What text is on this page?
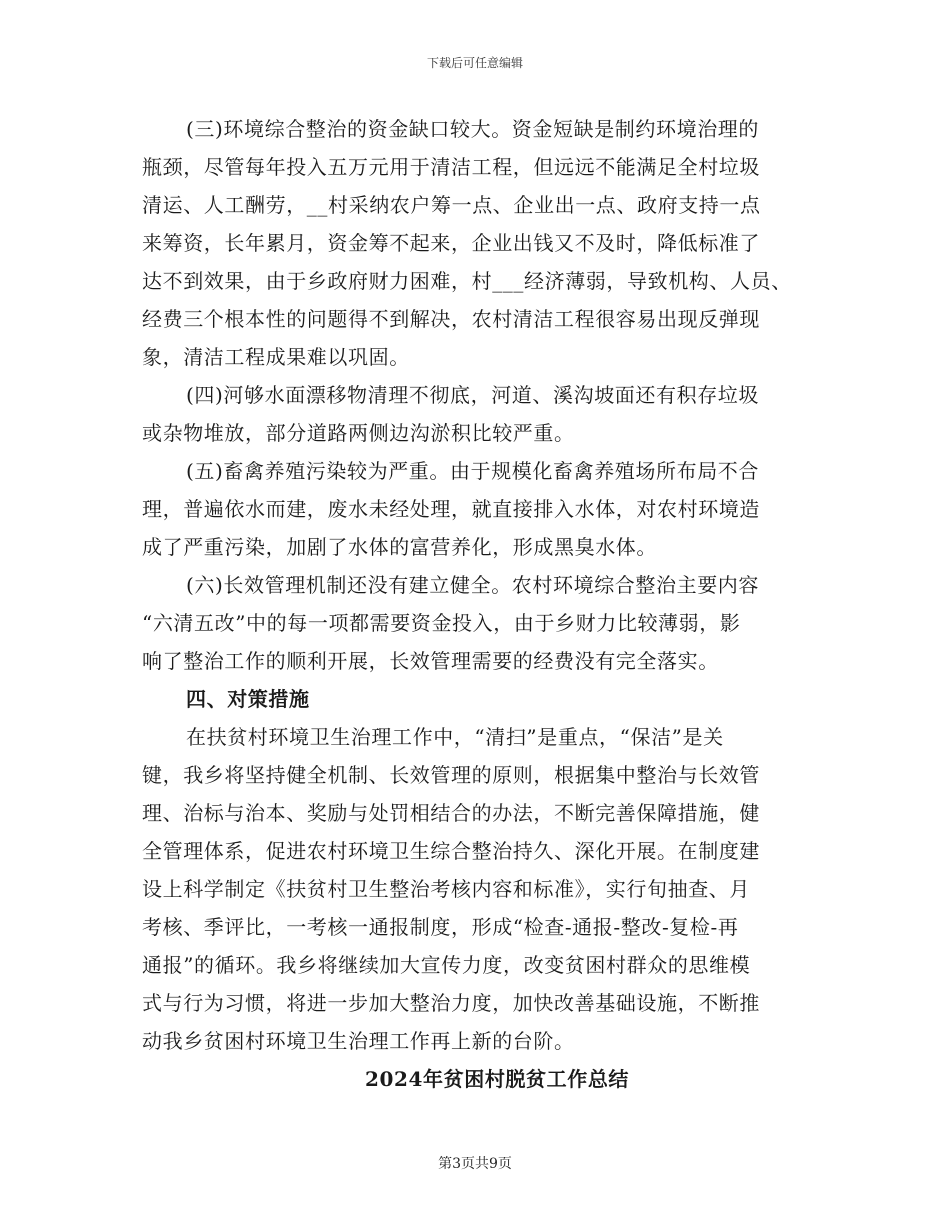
下载后可任意编辑
(三)环境综合整治的资金缺口较大。资金短缺是制约环境治理的
瓶颈，尽管每年投入五万元用于清洁工程，但远远不能满足全村垃圾
清运、人工酬劳，__村采纳农户筹一点、企业出一点、政府支持一点
来筹资，长年累月，资金筹不起来，企业出钱又不及时，降低标准了
达不到效果，由于乡政府财力困难，村___经济薄弱，导致机构、人员、
经费三个根本性的问题得不到解决，农村清洁工程很容易出现反弹现
象，清洁工程成果难以巩固。
(四)河够水面漂移物清理不彻底，河道、溪沟坡面还有积存垃圾
或杂物堆放，部分道路两侧边沟淤积比较严重。
(五)畜禽养殖污染较为严重。由于规模化畜禽养殖场所布局不合
理，普遍依水而建，废水未经处理，就直接排入水体，对农村环境造
成了严重污染，加剧了水体的富营养化，形成黑臭水体。
(六)长效管理机制还没有建立健全。农村环境综合整治主要内容
“六清五改”中的每一项都需要资金投入，由于乡财力比较薄弱，影
响了整治工作的顺利开展，长效管理需要的经费没有完全落实。
四、对策措施
在扶贫村环境卫生治理工作中，“清扫”是重点，“保洁”是关
键，我乡将坚持健全机制、长效管理的原则，根据集中整治与长效管
理、治标与治本、奖励与处罚相结合的办法，不断完善保障措施，健
全管理体系，促进农村环境卫生综合整治持久、深化开展。在制度建
设上科学制定《扶贫村卫生整治考核内容和标准》，实行旬抽查、月
考核、季评比，一考核一通报制度，形成“检查-通报-整改-复检-再
通报”的循环。我乡将继续加大宣传力度，改变贫困村群众的思维模
式与行为习惯，将进一步加大整治力度，加快改善基础设施，不断推
动我乡贫困村环境卫生治理工作再上新的台阶。
2024年贫困村脱贫工作总结
第3页共9页
